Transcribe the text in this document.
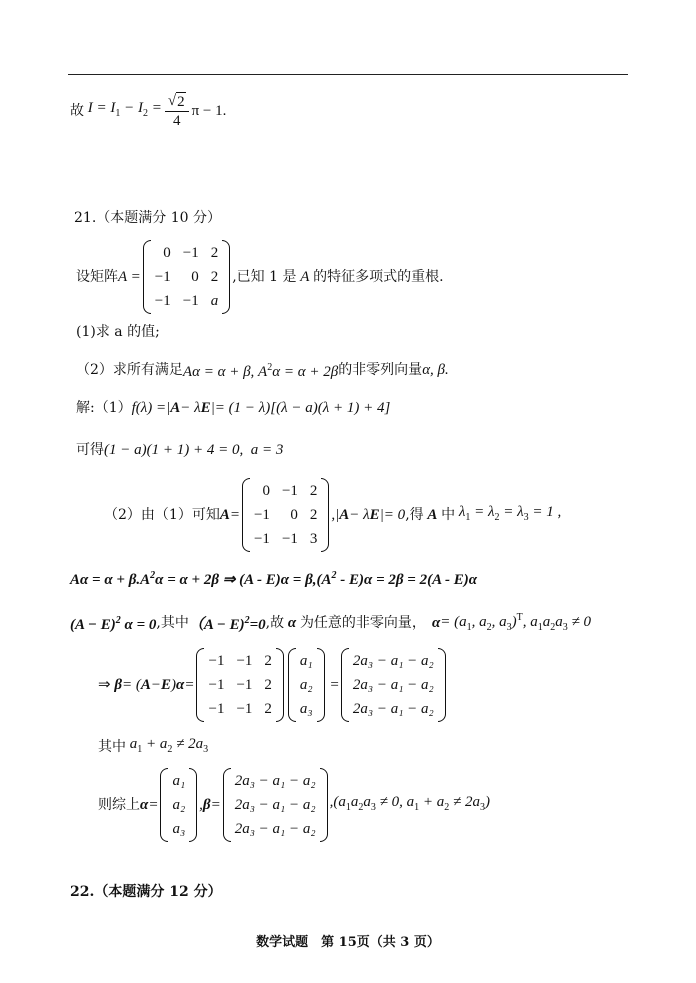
故 $I = I_1 - I_2 = \frac{√ 2}{4}$ π − 1.
21.（本题满分 10 分）
设矩阵 A =
0 −1 2
−1	0 2
−1 −1 a
,已知 1 是 A 的特征多项式的重根.
(1)求 a 的值;
（2）求所有满足 Aα = α + β, $A^2\alpha = \alpha + 2\beta$ 的非零列向量 α, β.
解:（1） f(λ) =| A − λ E |= (1 − λ)[(λ − a)(λ + 1) + 4]
可得 (1 − a)(1 + 1) + 4 = 0,  a = 3
（2）由（1）可知 A =
0 −1 2
−1	0 2
−1 −1 3
,| A − λ E |= 0 ,得 A 中 $\lambda_1 = \lambda_2 = \lambda_3 = 1$ ,
$A\alpha = \alpha + \beta.A^2\alpha = \alpha + 2\beta$ ⇒ $(A - E)\alpha = \beta,(A^2 - E)\alpha = 2\beta = 2(A - E)\alpha$
$(A - E)^2$ α = 0 ,其中 （A − E)$^2$=0 ,故 α 为任意的非零向量， $\alpha = (a_1$, $a_2$, $a_3)^T$, $a_1a_2a_3 \ne 0$
⇒ β = ( A − E ) α =
−1 −1 2
−1 −1 2
−1 −1 2
a₁
a₂
a₃
=
2a₃ − a₁ − a₂
2a₃ − a₁ − a₂
2a₃ − a₁ − a₂
其中 $a_1 + a_2 \ne 2a_3$
则综上 α =
a₁
a₂
a₃
, β =
2a₃ − a₁ − a₂
2a₃ − a₁ − a₂
2a₃ − a₁ − a₂
$,(a_1a_2a_3 \ne 0$, $a_1 + a_2 \ne 2a_3$)
22.（本题满分 12 分）
数学试题　第 15页（共 3 页）
